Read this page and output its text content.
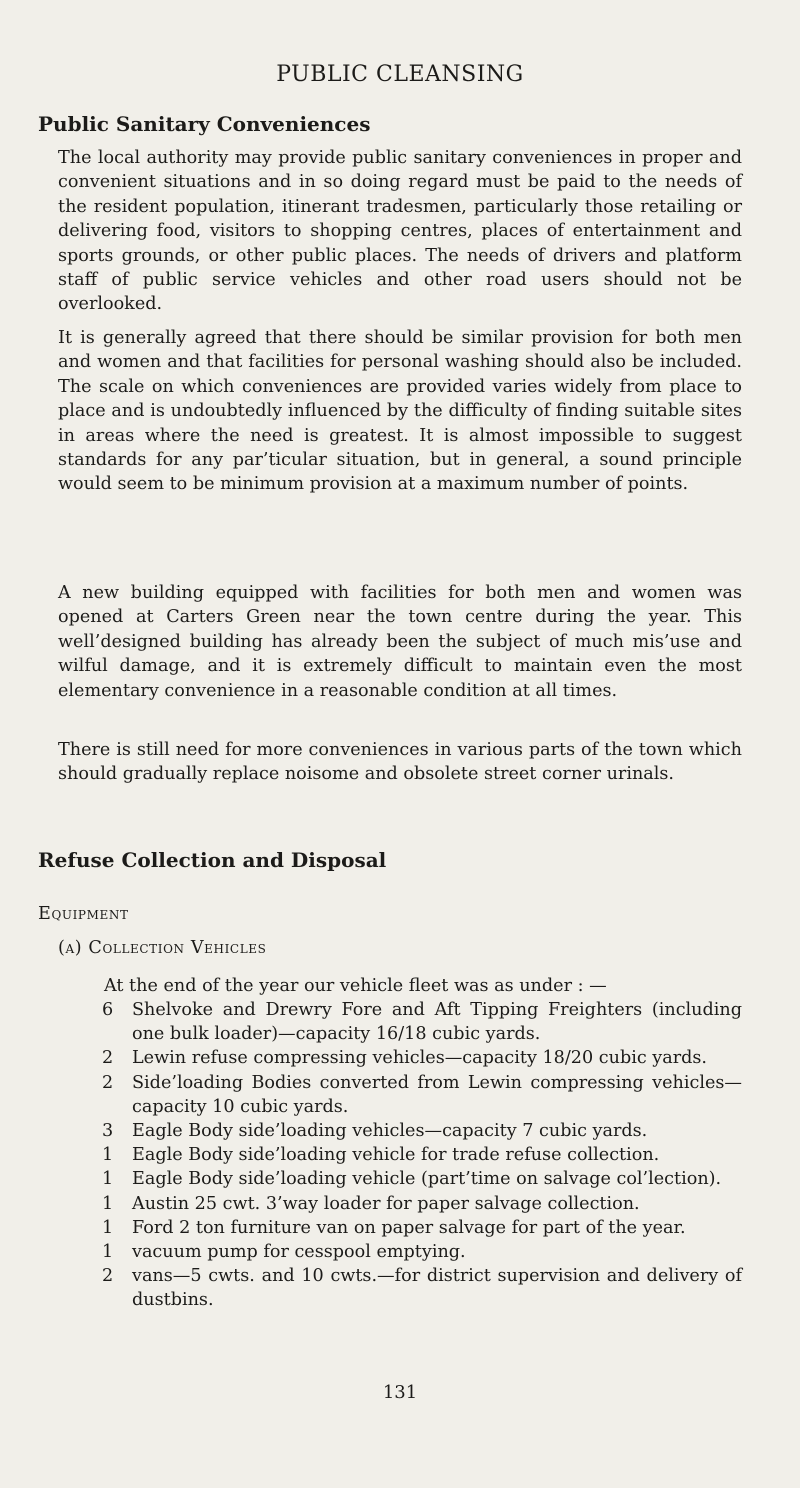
PUBLIC CLEANSING
Public Sanitary Conveniences

The local authority may provide public sanitary conveniences in proper and convenient situations and in so doing regard must be paid to the needs of the resident population, itinerant tradesmen, particularly those retailing or delivering food, visitors to shopping centres, places of entertainment and sports grounds, or other public places. The needs of drivers and platform staff of public service vehicles and other road users should not be overlooked.

It is generally agreed that there should be similar provision for both men and women and that facilities for personal washing should also be included. The scale on which conveniences are provided varies widely from place to place and is undoubtedly influenced by the difficulty of finding suitable sites in areas where the need is greatest. It is almost impossible to suggest standards for any par’ticular situation, but in general, a sound principle would seem to be minimum provision at a maximum number of points.

A new building equipped with facilities for both men and women was opened at Carters Green near the town centre during the year. This well’designed building has already been the subject of much mis’use and wilful damage, and it is extremely difficult to maintain even the most elementary convenience in a reasonable condition at all times.

There is still need for more conveniences in various parts of the town which should gradually replace noisome and obsolete street corner urinals.

Refuse Collection and Disposal
Equipment
(a) Collection Vehicles
At the end of the year our vehicle fleet was as under : —
6 Shelvoke and Drewry Fore and Aft Tipping Freighters (including one bulk loader)—capacity 16/18 cubic yards.
2 Lewin refuse compressing vehicles—capacity 18/20 cubic yards.
2 Side’loading Bodies converted from Lewin compressing vehicles—capacity 10 cubic yards.
3 Eagle Body side’loading vehicles—capacity 7 cubic yards.
1 Eagle Body side’loading vehicle for trade refuse collection.
1 Eagle Body side’loading vehicle (part’time on salvage col’lection).
1 Austin 25 cwt. 3’way loader for paper salvage collection.
1 Ford 2 ton furniture van on paper salvage for part of the year.
1 vacuum pump for cesspool emptying.
2 vans—5 cwts. and 10 cwts.—for district supervision and delivery of dustbins.
131
